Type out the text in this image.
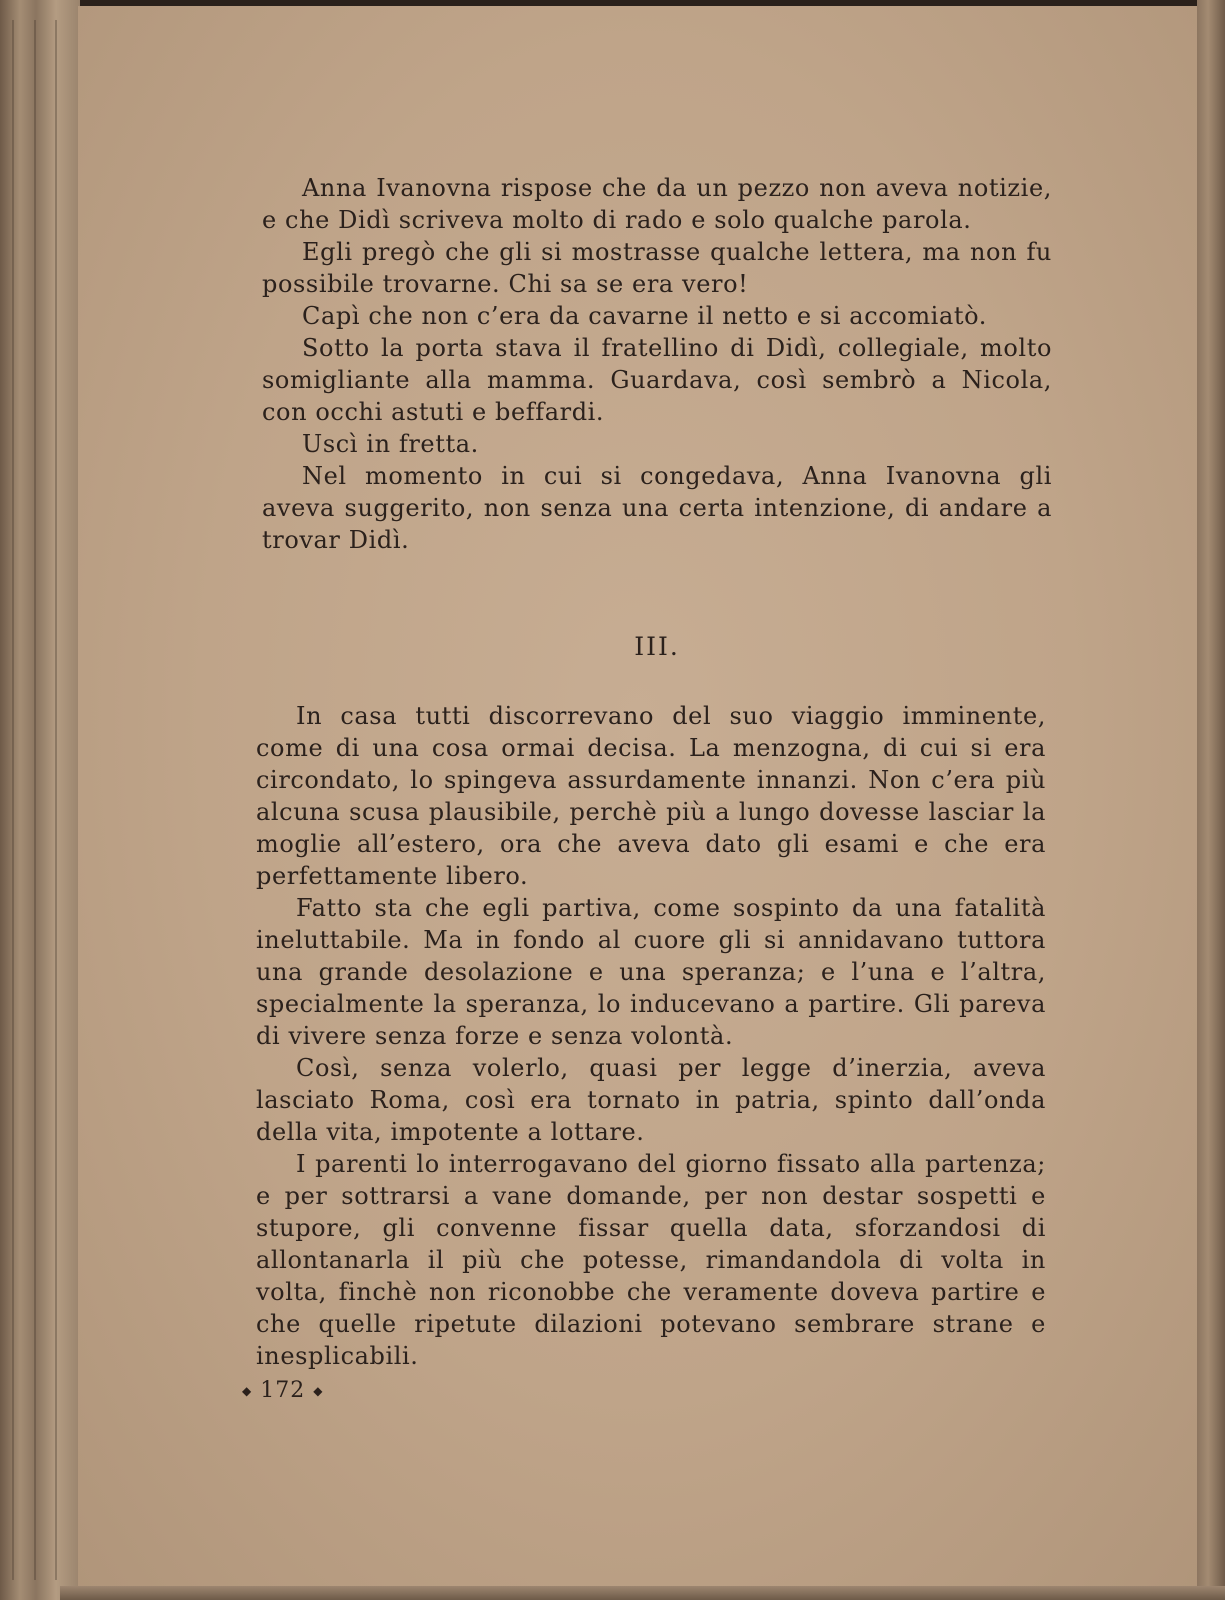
Anna Ivanovna rispose che da un pezzo non aveva notizie, e che Didì scriveva molto di rado e solo qualche parola.

Egli pregò che gli si mostrasse qualche lettera, ma non fu possibile trovarne. Chi sa se era vero!

Capì che non c’era da cavarne il netto e si accomiatò.

Sotto la porta stava il fratellino di Didì, collegiale, molto somigliante alla mamma. Guardava, così sembrò a Nicola, con occhi astuti e beffardi.

Uscì in fretta.

Nel momento in cui si congedava, Anna Ivanovna gli aveva suggerito, non senza una certa intenzione, di andare a trovar Didì.

III.

In casa tutti discorrevano del suo viaggio imminente, come di una cosa ormai decisa. La menzogna, di cui si era circondato, lo spingeva assurdamente innanzi. Non c’era più alcuna scusa plausibile, perchè più a lungo dovesse lasciar la moglie all’estero, ora che aveva dato gli esami e che era perfettamente libero.

Fatto sta che egli partiva, come sospinto da una fatalità ineluttabile. Ma in fondo al cuore gli si annidavano tuttora una grande desolazione e una speranza; e l’una e l’altra, specialmente la speranza, lo inducevano a partire. Gli pareva di vivere senza forze e senza volontà.

Così, senza volerlo, quasi per legge d’inerzia, aveva lasciato Roma, così era tornato in patria, spinto dall’onda della vita, impotente a lottare.

I parenti lo interrogavano del giorno fissato alla partenza; e per sottrarsi a vane domande, per non destar sospetti e stupore, gli convenne fissar quella data, sforzandosi di allontanarla il più che potesse, rimandandola di volta in volta, finchè non riconobbe che veramente doveva partire e che quelle ripetute dilazioni potevano sembrare strane e inesplicabili.

◆ 172 ◆
